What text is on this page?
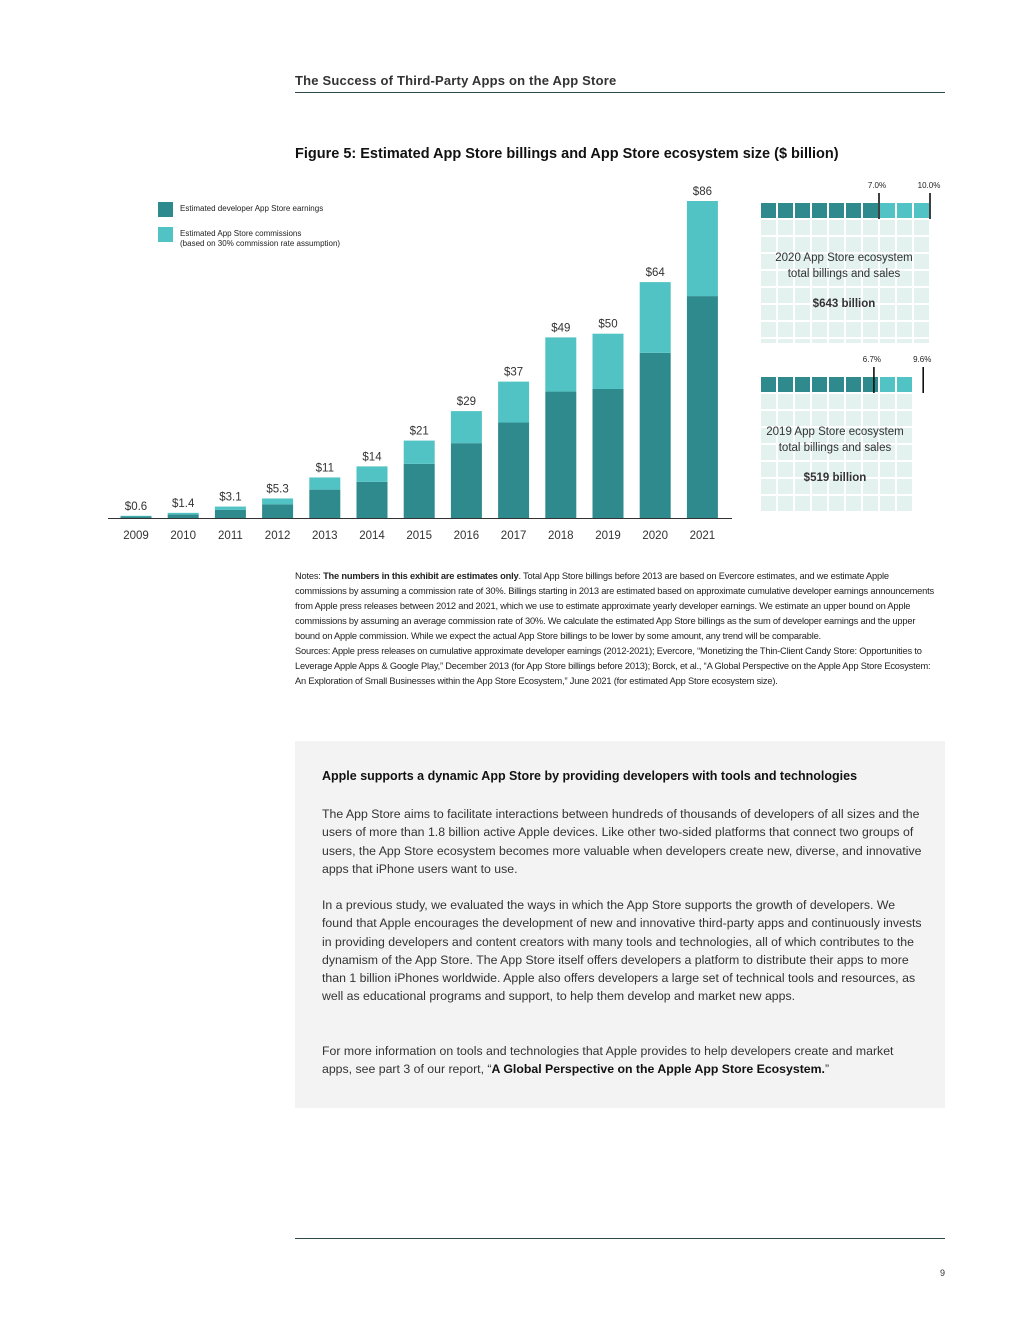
The Success of Third-Party Apps on the App Store
Figure 5: Estimated App Store billings and App Store ecosystem size ($ billion)
$0.6
2009
$1.4
2010
$3.1
2011
$5.3
2012
$11
2013
$14
2014
$21
2015
$29
2016
$37
2017
$49
2018
$50
2019
$64
2020
$86
2021
Estimated developer App Store earnings
Estimated App Store commissions
(based on 30% commission rate assumption)
7.0%	10.0%
2020 App Store ecosystem
total billings and sales
$643 billion
6.7%	9.6%
2019 App Store ecosystem
total billings and sales
$519 billion
Notes: The numbers in this exhibit are estimates only. Total App Store billings before 2013 are based on Evercore estimates, and we estimate Apple commissions by assuming a commission rate of 30%. Billings starting in 2013 are estimated based on approximate cumulative developer earnings announcements from Apple press releases between 2012 and 2021, which we use to estimate approximate yearly developer earnings. We estimate an upper bound on Apple commissions by assuming an average commission rate of 30%. We calculate the estimated App Store billings as the sum of developer earnings and the upper bound on Apple commission. While we expect the actual App Store billings to be lower by some amount, any trend will be comparable.
Sources: Apple press releases on cumulative approximate developer earnings (2012-2021); Evercore, “Monetizing the Thin-Client Candy Store: Opportunities to Leverage Apple Apps & Google Play,” December 2013 (for App Store billings before 2013); Borck, et al., “A Global Perspective on the Apple App Store Ecosystem: An Exploration of Small Businesses within the App Store Ecosystem,” June 2021 (for estimated App Store ecosystem size).
Apple supports a dynamic App Store by providing developers with tools and technologies
The App Store aims to facilitate interactions between hundreds of thousands of developers of all sizes and the users of more than 1.8 billion active Apple devices. Like other two-sided platforms that connect two groups of users, the App Store ecosystem becomes more valuable when developers create new, diverse, and innovative apps that iPhone users want to use.
In a previous study, we evaluated the ways in which the App Store supports the growth of developers. We found that Apple encourages the development of new and innovative third-party apps and continuously invests in providing developers and content creators with many tools and technologies, all of which contributes to the dynamism of the App Store. The App Store itself offers developers a platform to distribute their apps to more than 1 billion iPhones worldwide. Apple also offers developers a large set of technical tools and resources, as well as educational programs and support, to help them develop and market new apps.
For more information on tools and technologies that Apple provides to help developers create and market apps, see part 3 of our report, “A Global Perspective on the Apple App Store Ecosystem.”
9
